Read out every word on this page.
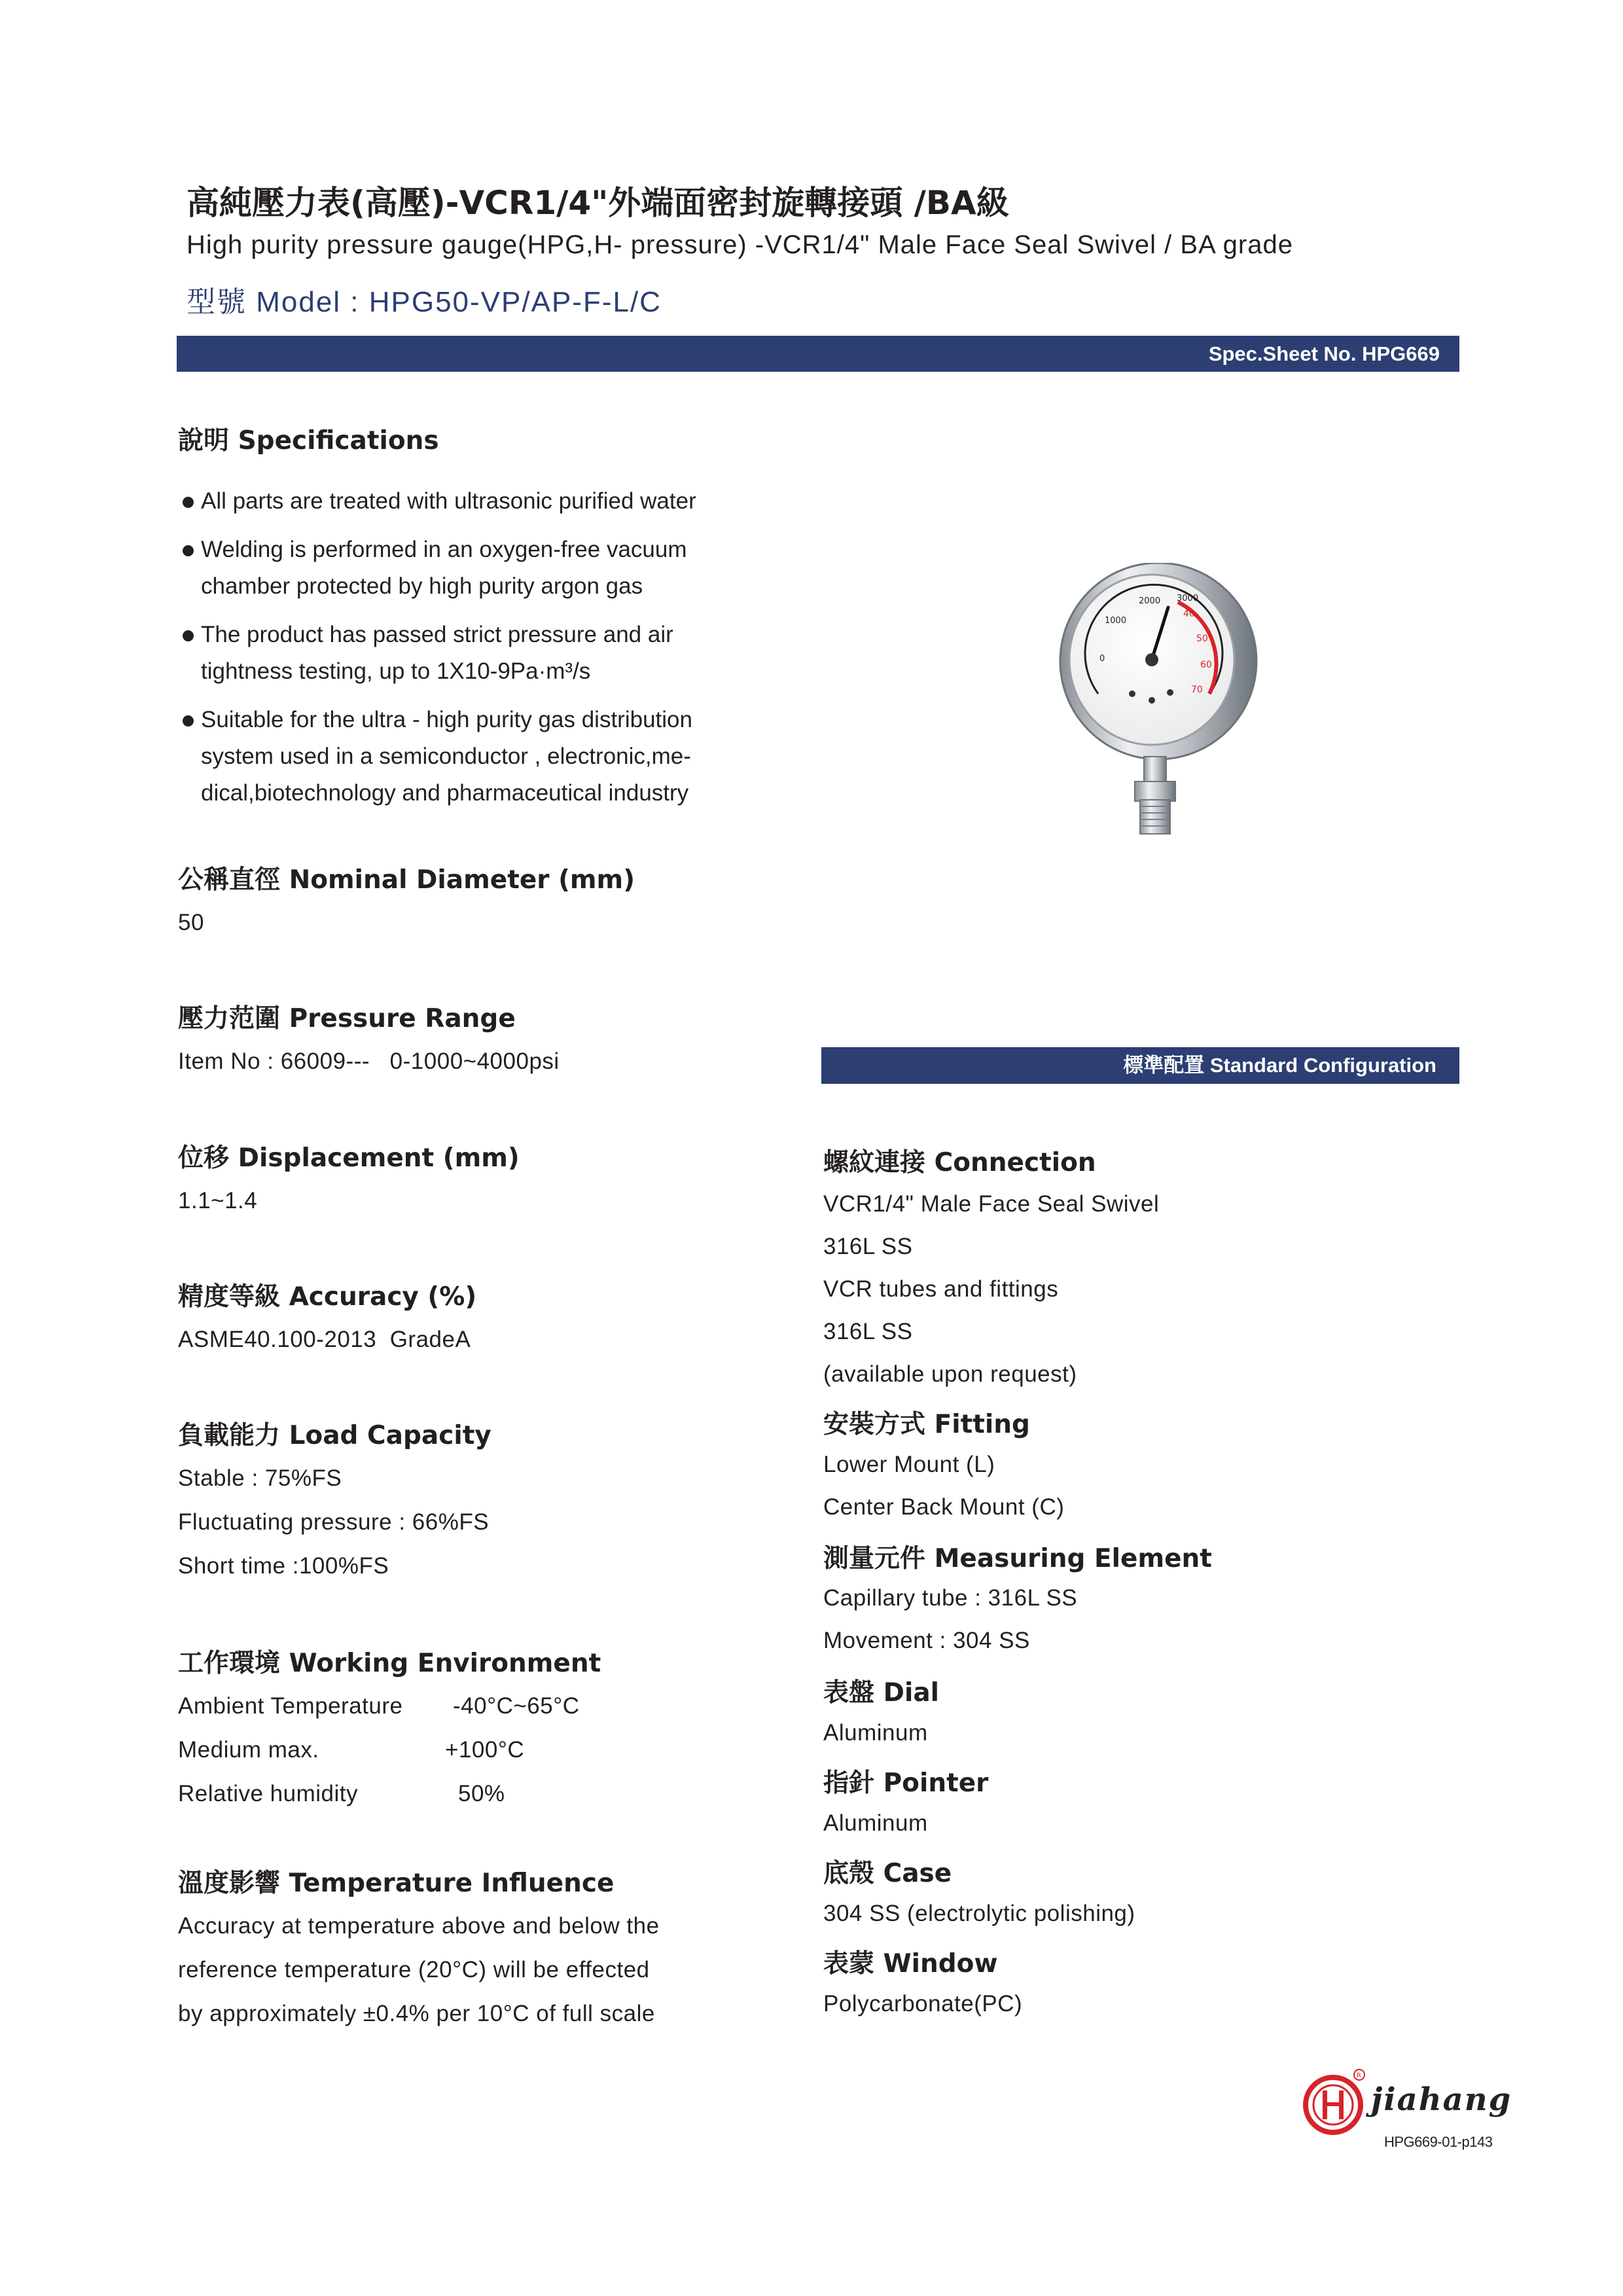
高純壓力表(高壓)-VCR1/4"外端面密封旋轉接頭 /BA級
High purity pressure gauge(HPG,H- pressure) -VCR1/4" Male Face Seal Swivel / BA grade
型號 Model : HPG50-VP/AP-F-L/C
Spec.Sheet No. HPG669
說明 Specifications
All parts are treated with ultrasonic purified water
Welding is performed in an oxygen-free vacuum chamber protected by high purity argon gas
The product has passed strict pressure and air tightness testing, up to 1X10-9Pa·m³/s
Suitable for the ultra - high purity gas distribution system used in a semiconductor , electronic,me-dical,biotechnology and pharmaceutical industry
40
50
60
70
2000
1000
3000
0
公稱直徑 Nominal Diameter (mm)
50
壓力范圍 Pressure Range
Item No : 66009---   0-1000~4000psi
位移 Displacement (mm)
1.1~1.4
精度等級 Accuracy (%)
ASME40.100-2013  GradeA
負載能力 Load Capacity
Stable : 75%FS
Fluctuating pressure : 66%FS
Short time :100%FS
工作環境 Working Environment
Ambient Temperature	-40°C~65°C
Medium max.	+100°C
Relative humidity	50%
溫度影響 Temperature Influence
Accuracy at temperature above and below the
reference temperature (20°C) will be effected
by approximately ±0.4% per 10°C of full scale
標準配置 Standard Configuration
螺紋連接 Connection
VCR1/4" Male Face Seal Swivel
316L SS
VCR tubes and fittings
316L SS
(available upon request)
安裝方式 Fitting
Lower Mount (L)
Center Back Mount (C)
測量元件 Measuring Element
Capillary tube : 316L SS
Movement : 304 SS
表盤 Dial
Aluminum
指針 Pointer
Aluminum
底殼 Case
304 SS (electrolytic polishing)
表蒙 Window
Polycarbonate(PC)
R
jiahang
HPG669-01-p143
